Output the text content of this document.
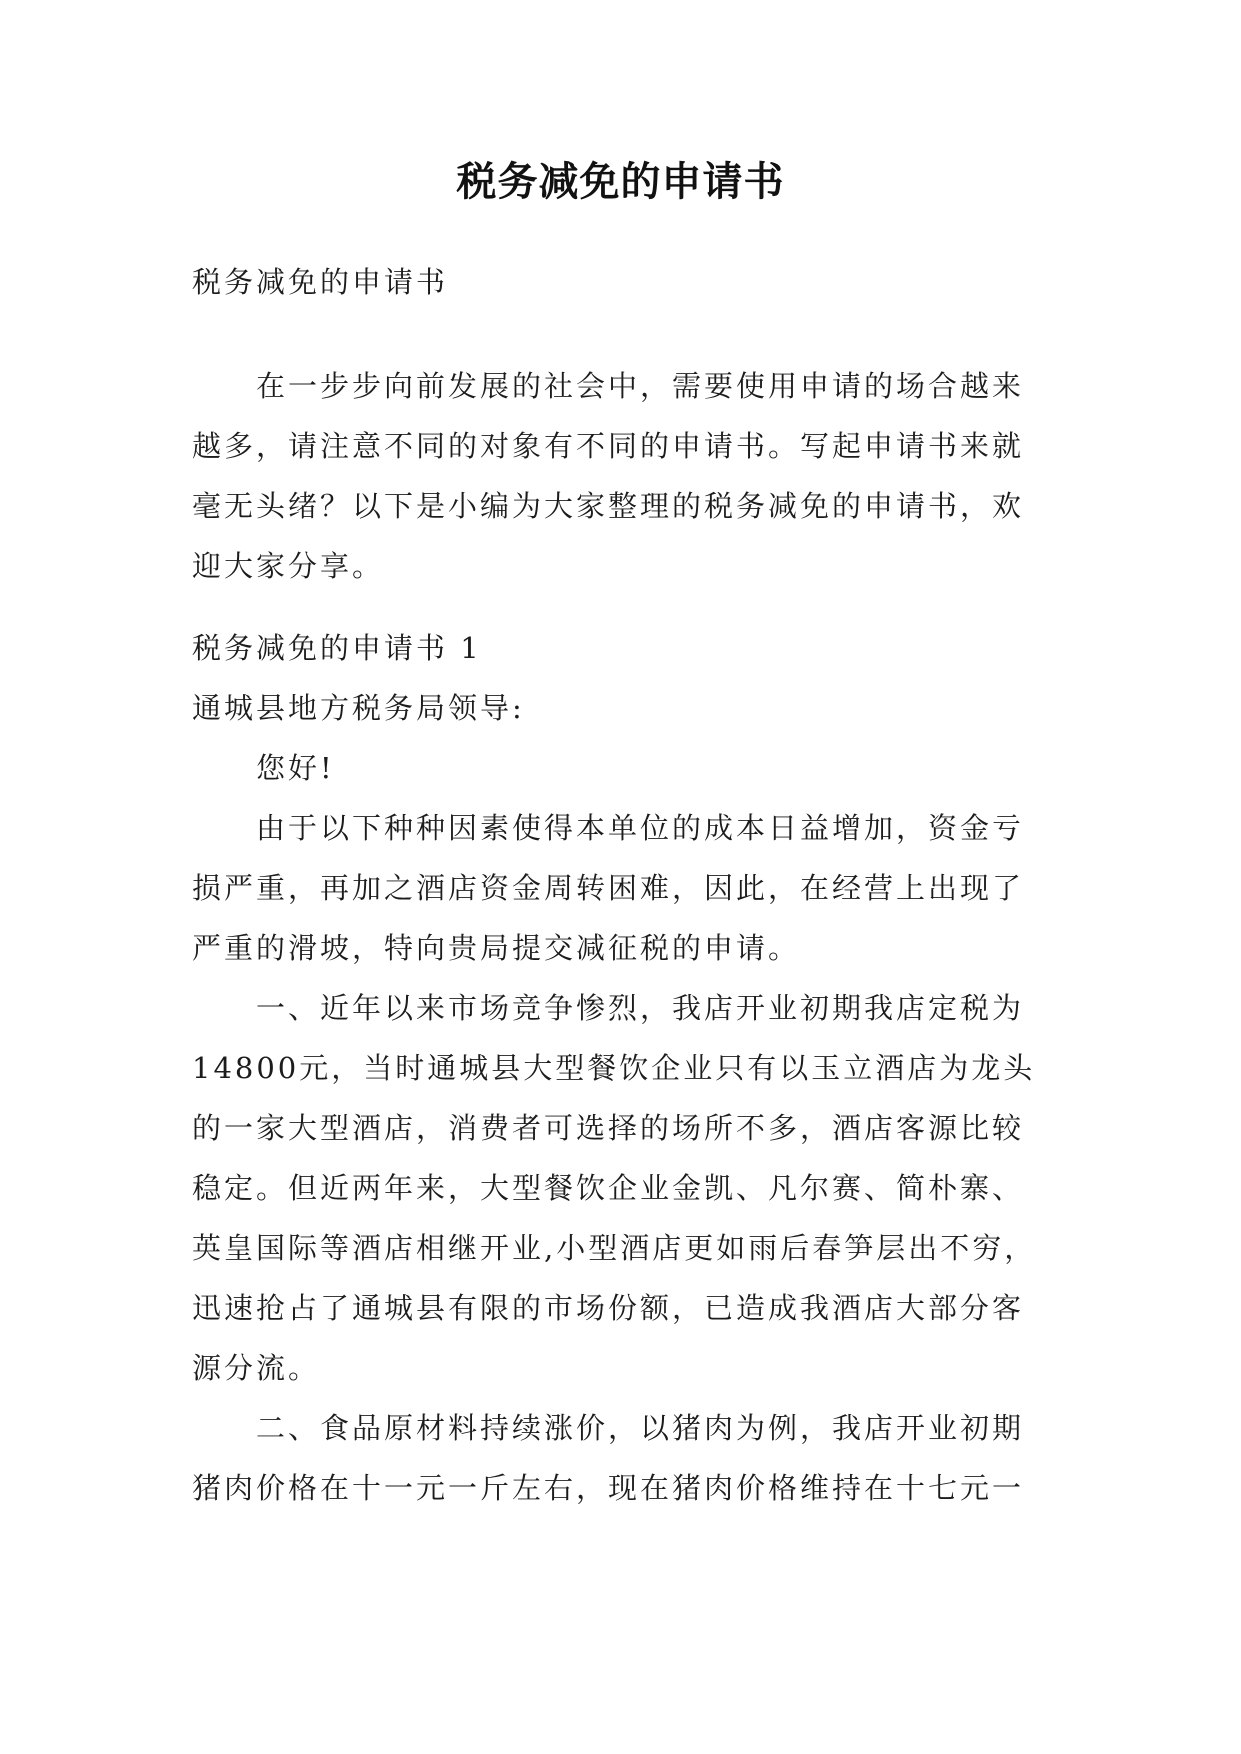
税务减免的申请书

税务减免的申请书

在一步步向前发展的社会中，需要使用申请的场合越来越多，请注意不同的对象有不同的申请书。写起申请书来就毫无头绪？以下是小编为大家整理的税务减免的申请书，欢迎大家分享。

税务减免的申请书 1

通城县地方税务局领导:

您好!

由于以下种种因素使得本单位的成本日益增加，资金亏损严重，再加之酒店资金周转困难，因此，在经营上出现了严重的滑坡，特向贵局提交减征税的申请。

一、近年以来市场竞争惨烈，我店开业初期我店定税为14800元，当时通城县大型餐饮企业只有以玉立酒店为龙头的一家大型酒店，消费者可选择的场所不多，酒店客源比较稳定。但近两年来，大型餐饮企业金凯、凡尔赛、简朴寨、英皇国际等酒店相继开业,小型酒店更如雨后春笋层出不穷，迅速抢占了通城县有限的市场份额，已造成我酒店大部分客源分流。

二、食品原材料持续涨价，以猪肉为例，我店开业初期猪肉价格在十一元一斤左右，现在猪肉价格维持在十七元一
